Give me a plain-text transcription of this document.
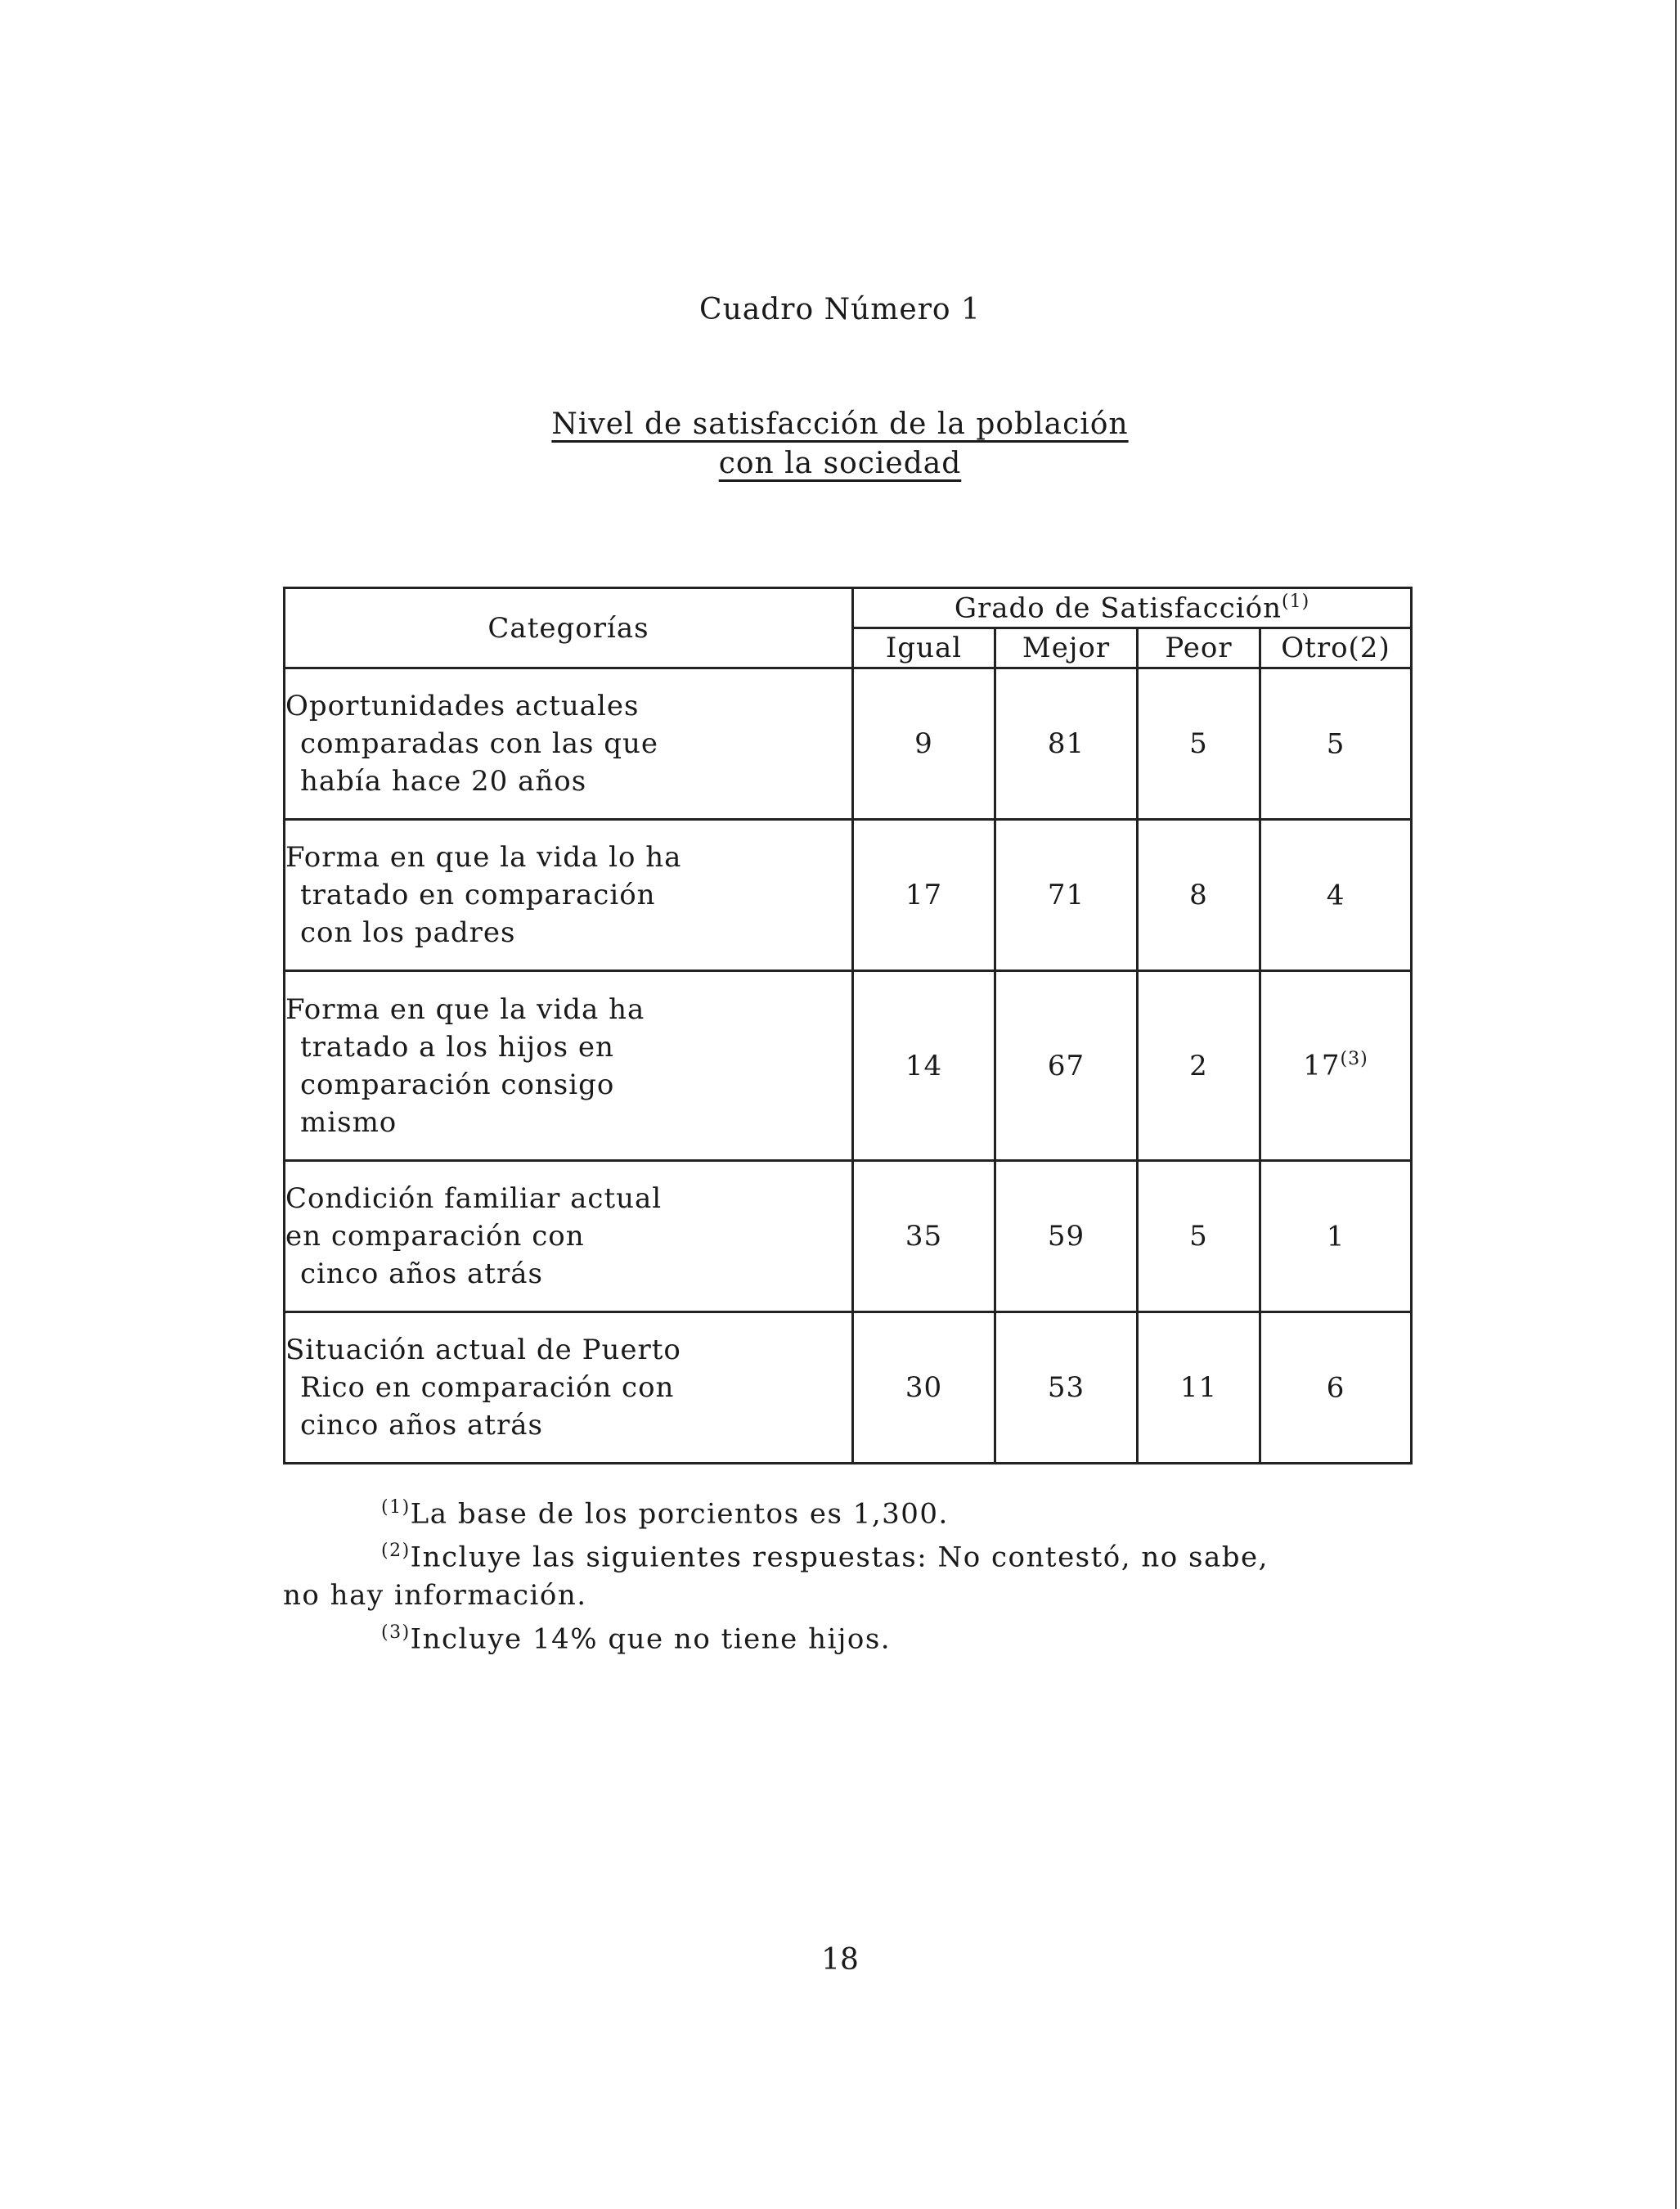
Cuadro Número 1
Nivel de satisfacción de la población
con la sociedad
Categorías	Grado de Satisfacción$^{(1)}$
	Igual	Mejor	Peor	Otro(2)

Oportunidades actuales
comparadas con las que
había hace 20 años	9	81	5	5

Forma en que la vida lo ha
tratado en comparación
con los padres	17	71	8	4

Forma en que la vida ha
tratado a los hijos en
comparación consigo
mismo	14	67	2	17$^{(3)}$

Condición familiar actual
en comparación con
cinco años atrás	35	59	5	1

Situación actual de Puerto
Rico en comparación con
cinco años atrás	30	53	11	6
$^{(1)}$La base de los porcientos es 1,300.
$^{(2)}$Incluye las siguientes respuestas: No contestó, no sabe,
no hay información.
$^{(3)}$Incluye 14% que no tiene hijos.
18
